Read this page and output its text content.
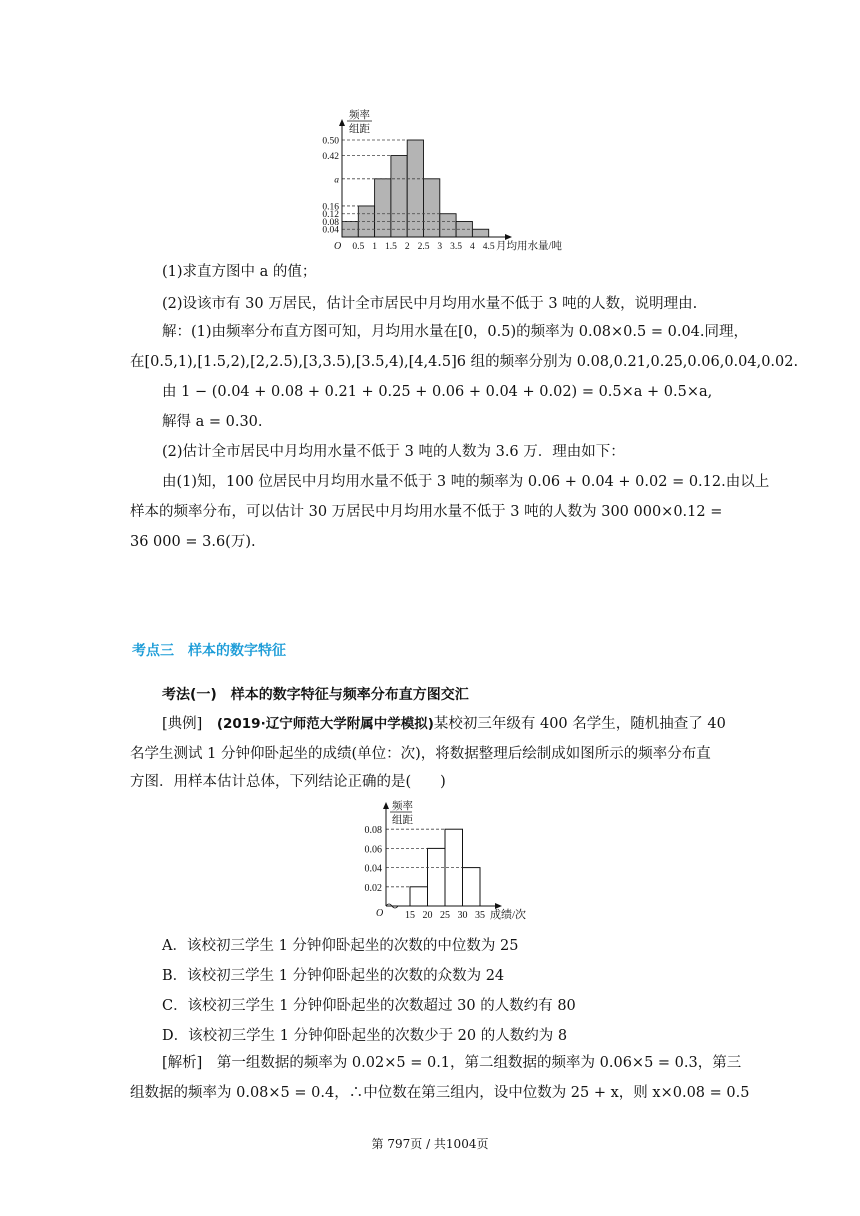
频率
组距
月均用水量/吨
O 0.5 1 1.5 2 2.5 3 3.5 4 4.5
0.50
0.42
a
0.16
0.12
0.08
0.04
(1)求直方图中 a 的值；
(2)设该市有 30 万居民，估计全市居民中月均用水量不低于 3 吨的人数，说明理由.
解：(1)由频率分布直方图可知，月均用水量在[0，0.5)的频率为 0.08×0.5 = 0.04.同理，
在[0.5,1),[1.5,2),[2,2.5),[3,3.5),[3.5,4),[4,4.5]6 组的频率分别为 0.08,0.21,0.25,0.06,0.04,0.02.
由 1 − (0.04 + 0.08 + 0.21 + 0.25 + 0.06 + 0.04 + 0.02) = 0.5×a + 0.5×a,
解得 a = 0.30.
(2)估计全市居民中月均用水量不低于 3 吨的人数为 3.6 万．理由如下：
由(1)知，100 位居民中月均用水量不低于 3 吨的频率为 0.06 + 0.04 + 0.02 = 0.12.由以上
样本的频率分布，可以估计 30 万居民中月均用水量不低于 3 吨的人数为 300 000×0.12 =
36 000 = 3.6(万).
考点三　样本的数字特征
考法(一)　样本的数字特征与频率分布直方图交汇
[典例]　 (2019·辽宁师范大学附属中学模拟)某校初三年级有 400 名学生，随机抽查了 40
名学生测试 1 分钟仰卧起坐的成绩(单位：次)，将数据整理后绘制成如图所示的频率分布直
方图．用样本估计总体，下列结论正确的是(　　)
频率
组距
成绩/次
O 15 20 25 30 35
0.08
0.06
0.04
0.02
A．该校初三学生 1 分钟仰卧起坐的次数的中位数为 25
B．该校初三学生 1 分钟仰卧起坐的次数的众数为 24
C．该校初三学生 1 分钟仰卧起坐的次数超过 30 的人数约有 80
D．该校初三学生 1 分钟仰卧起坐的次数少于 20 的人数约为 8
[解析]　 第一组数据的频率为 0.02×5 = 0.1，第二组数据的频率为 0.06×5 = 0.3，第三
组数据的频率为 0.08×5 = 0.4，∴中位数在第三组内，设中位数为 25 + x，则 x×0.08 = 0.5
第 797页 / 共1004页
